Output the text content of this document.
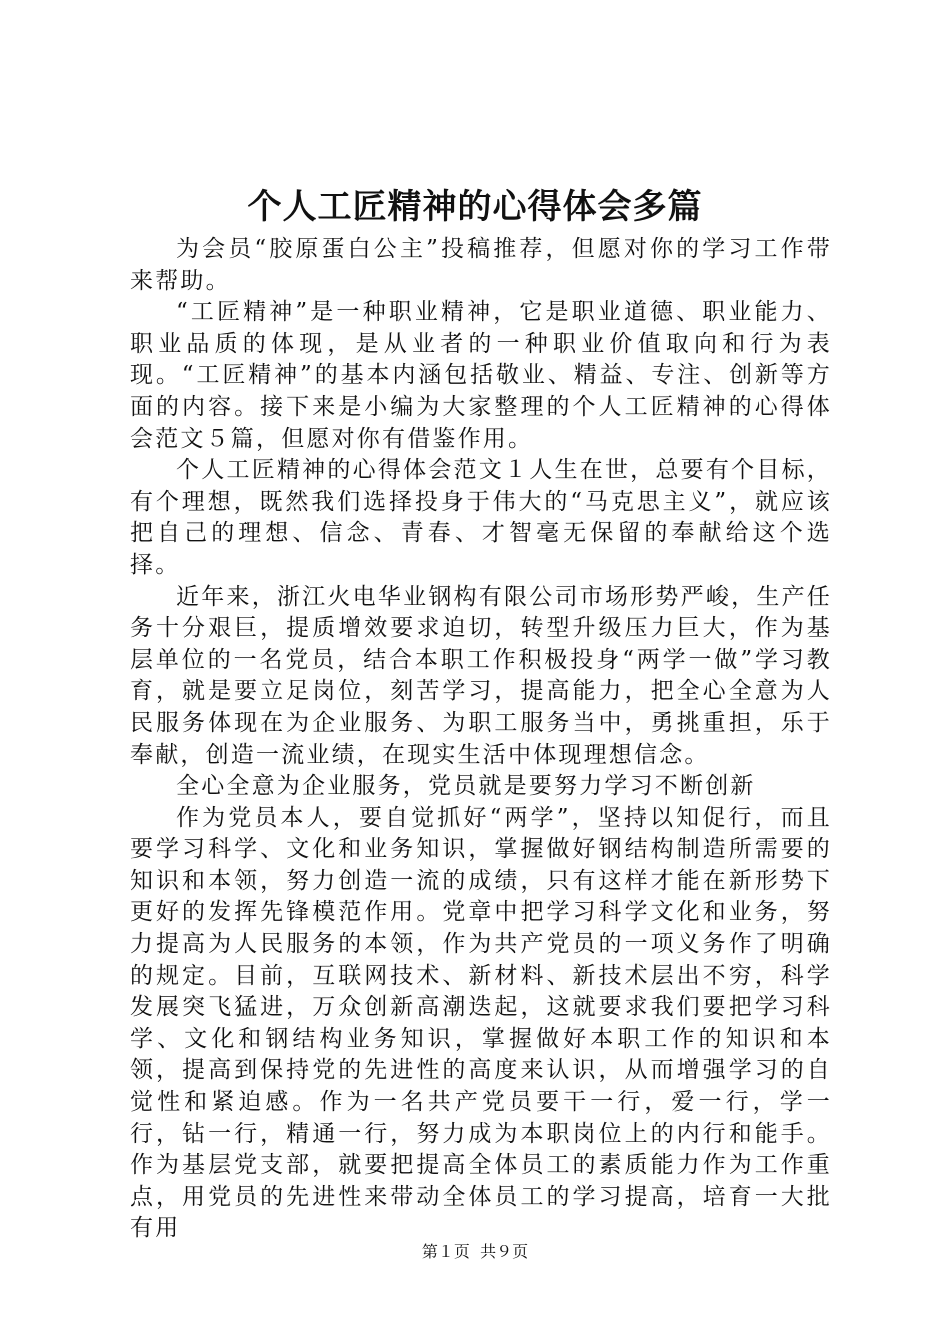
个人工匠精神的心得体会多篇

为会员“胶原蛋白公主”投稿推荐，但愿对你的学习工作带来帮助。

“工匠精神”是一种职业精神，它是职业道德、职业能力、职业品质的体现，是从业者的一种职业价值取向和行为表现。“工匠精神”的基本内涵包括敬业、精益、专注、创新等方面的内容。接下来是小编为大家整理的个人工匠精神的心得体会范文５篇，但愿对你有借鉴作用。

个人工匠精神的心得体会范文１人生在世，总要有个目标，有个理想，既然我们选择投身于伟大的“马克思主义”，就应该把自己的理想、信念、青春、才智毫无保留的奉献给这个选择。

近年来，浙江火电华业钢构有限公司市场形势严峻，生产任务十分艰巨，提质增效要求迫切，转型升级压力巨大，作为基层单位的一名党员，结合本职工作积极投身“两学一做”学习教育，就是要立足岗位，刻苦学习，提高能力，把全心全意为人民服务体现在为企业服务、为职工服务当中，勇挑重担，乐于奉献，创造一流业绩，在现实生活中体现理想信念。

全心全意为企业服务，党员就是要努力学习不断创新

作为党员本人，要自觉抓好“两学”，坚持以知促行，而且要学习科学、文化和业务知识，掌握做好钢结构制造所需要的知识和本领，努力创造一流的成绩，只有这样才能在新形势下更好的发挥先锋模范作用。党章中把学习科学文化和业务，努力提高为人民服务的本领，作为共产党员的一项义务作了明确的规定。目前，互联网技术、新材料、新技术层出不穷，科学发展突飞猛进，万众创新高潮迭起，这就要求我们要把学习科学、文化和钢结构业务知识，掌握做好本职工作的知识和本领，提高到保持党的先进性的高度来认识，从而增强学习的自觉性和紧迫感。作为一名共产党员要干一行，爱一行，学一行，钻一行，精通一行，努力成为本职岗位上的内行和能手。作为基层党支部，就要把提高全体员工的素质能力作为工作重点，用党员的先进性来带动全体员工的学习提高，培育一大批有用

第１页 共９页
